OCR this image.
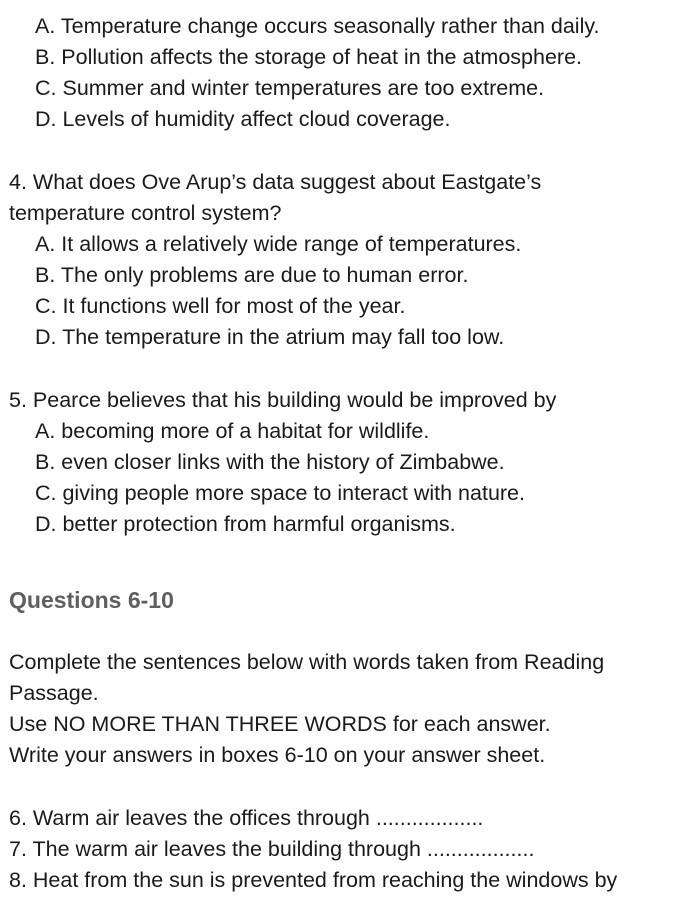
A. Temperature change occurs seasonally rather than daily.
B. Pollution affects the storage of heat in the atmosphere.
C. Summer and winter temperatures are too extreme.
D. Levels of humidity affect cloud coverage.
4. What does Ove Arup’s data suggest about Eastgate’s
temperature control system?
A. It allows a relatively wide range of temperatures.
B. The only problems are due to human error.
C. It functions well for most of the year.
D. The temperature in the atrium may fall too low.
5. Pearce believes that his building would be improved by
A. becoming more of a habitat for wildlife.
B. even closer links with the history of Zimbabwe.
C. giving people more space to interact with nature.
D. better protection from harmful organisms.
Questions 6-10
Complete the sentences below with words taken from Reading
Passage.
Use NO MORE THAN THREE WORDS for each answer.
Write your answers in boxes 6-10 on your answer sheet.
6. Warm air leaves the offices through ..................
7. The warm air leaves the building through ..................
8. Heat from the sun is prevented from reaching the windows by
